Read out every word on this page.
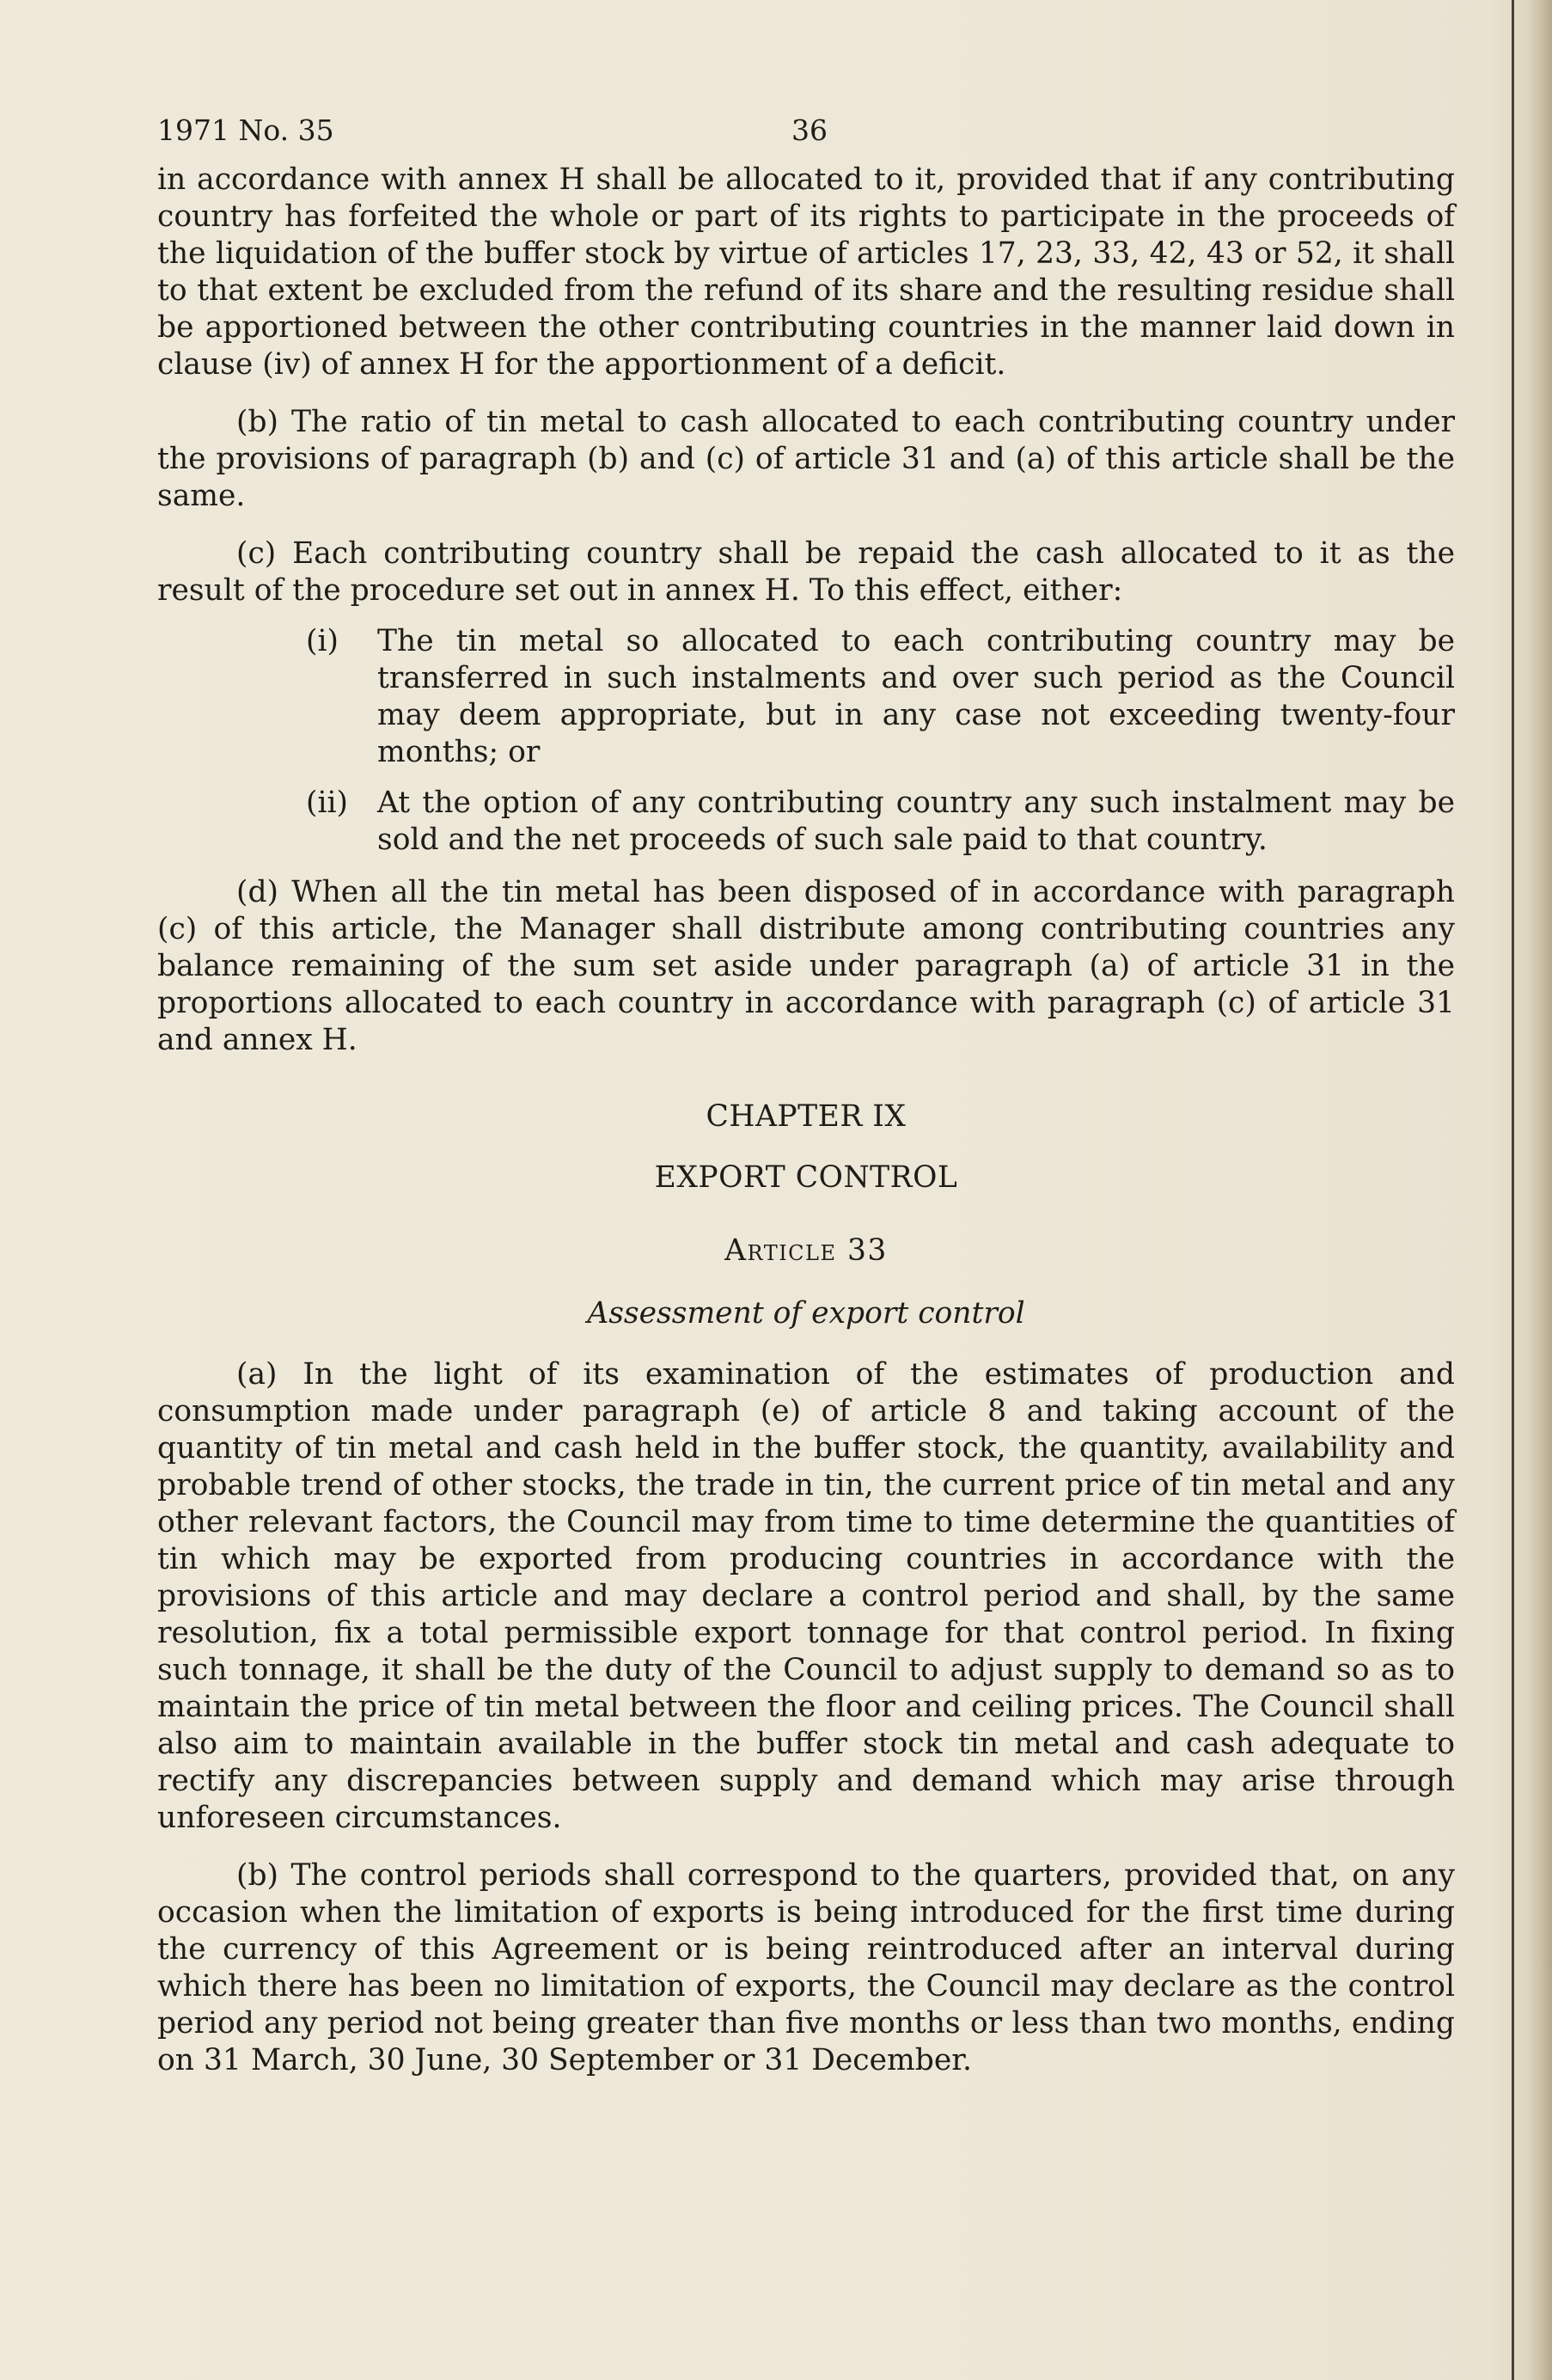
1971 No. 35	36

in accordance with annex H shall be allocated to it, provided that if any contributing country has forfeited the whole or part of its rights to participate in the proceeds of the liquidation of the buffer stock by virtue of articles 17, 23, 33, 42, 43 or 52, it shall to that extent be excluded from the refund of its share and the resulting residue shall be apportioned between the other contributing countries in the manner laid down in clause (iv) of annex H for the apportionment of a deficit.

(b) The ratio of tin metal to cash allocated to each contributing country under the provisions of paragraph (b) and (c) of article 31 and (a) of this article shall be the same.

(c) Each contributing country shall be repaid the cash allocated to it as the result of the procedure set out in annex H. To this effect, either:

(i) The tin metal so allocated to each contributing country may be transferred in such instalments and over such period as the Council may deem appropriate, but in any case not exceeding twenty-four months; or
(ii) At the option of any contributing country any such instalment may be sold and the net proceeds of such sale paid to that country.

(d) When all the tin metal has been disposed of in accordance with paragraph (c) of this article, the Manager shall distribute among contributing countries any balance remaining of the sum set aside under paragraph (a) of article 31 in the proportions allocated to each country in accordance with paragraph (c) of article 31 and annex H.

CHAPTER IX
EXPORT CONTROL
Article 33
Assessment of export control

(a) In the light of its examination of the estimates of production and consumption made under paragraph (e) of article 8 and taking account of the quantity of tin metal and cash held in the buffer stock, the quantity, availability and probable trend of other stocks, the trade in tin, the current price of tin metal and any other relevant factors, the Council may from time to time determine the quantities of tin which may be exported from producing countries in accordance with the provisions of this article and may declare a control period and shall, by the same resolution, fix a total permissible export tonnage for that control period. In fixing such tonnage, it shall be the duty of the Council to adjust supply to demand so as to maintain the price of tin metal between the floor and ceiling prices. The Council shall also aim to maintain available in the buffer stock tin metal and cash adequate to rectify any discrepancies between supply and demand which may arise through unforeseen circumstances.

(b) The control periods shall correspond to the quarters, provided that, on any occasion when the limitation of exports is being introduced for the first time during the currency of this Agreement or is being reintroduced after an interval during which there has been no limitation of exports, the Council may declare as the control period any period not being greater than five months or less than two months, ending on 31 March, 30 June, 30 September or 31 December.
